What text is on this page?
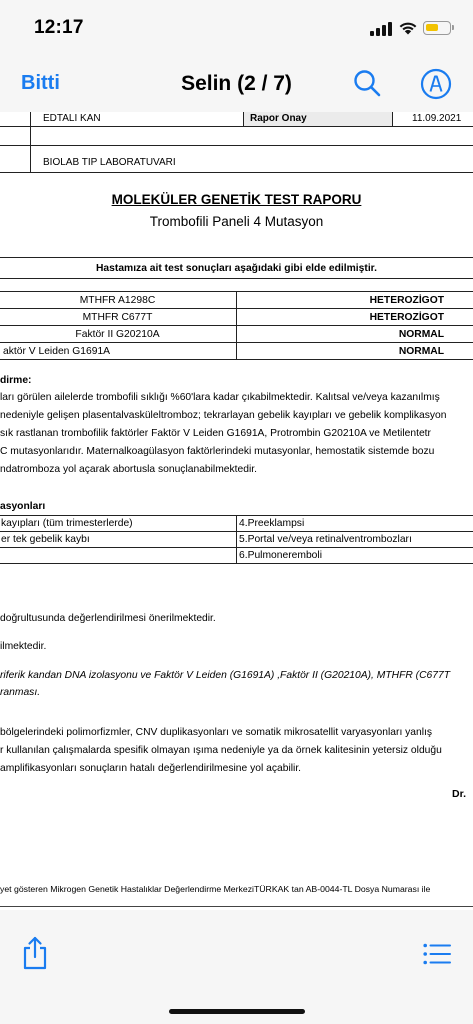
12:17
Bitti	Selin (2 / 7)
EDTALI KAN	Rapor Onay	11.09.2021
BIOLAB TIP LABORATUVARI
MOLEKÜLER GENETİK TEST RAPORU
Trombofili Paneli 4 Mutasyon
Hastamıza ait test sonuçları aşağıdaki gibi elde edilmiştir.
MTHFR A1298C	HETEROZİGOT
MTHFR C677T	HETEROZİGOT
Faktör II G20210A	NORMAL
aktör V Leiden G1691A	NORMAL
dirme:
ları görülen ailelerde trombofili sıklığı %60'lara kadar çıkabilmektedir. Kalıtsal ve/veya kazanılmış
nedeniyle gelişen plasentalvasküleltromboz; tekrarlayan gebelik kayıpları ve gebelik komplikasyon
sık rastlanan trombofilik faktörler Faktör V Leiden G1691A, Protrombin G20210A ve Metilentetr
C mutasyonlarıdır. Maternalkoagülasyon faktörlerindeki mutasyonlar, hemostatik sistemde bozu
ndatromboza yol açarak abortusla sonuçlanabilmektedir.
asyonları
kayıpları (tüm trimesterlerde)	4.Preeklampsi
er tek gebelik kaybı	5.Portal ve/veya retinalventrombozları
	6.Pulmoneremboli
doğrultusunda değerlendirilmesi önerilmektedir.
ilmektedir.
riferik kandan DNA izolasyonu ve Faktör V Leiden (G1691A) ,Faktör II (G20210A), MTHFR (C677T
ranması.
bölgelerindeki polimorfizmler, CNV duplikasyonları ve somatik mikrosatellit varyasyonları yanlış
r kullanılan çalışmalarda spesifik olmayan ışıma nedeniyle ya da örnek kalitesinin yetersiz olduğu
amplifikasyonları sonuçların hatalı değerlendirilmesine yol açabilir.
Dr.
yet gösteren Mikrogen Genetik Hastalıklar Değerlendirme MerkeziTÜRKAK tan AB-0044-TL Dosya Numarası ile
